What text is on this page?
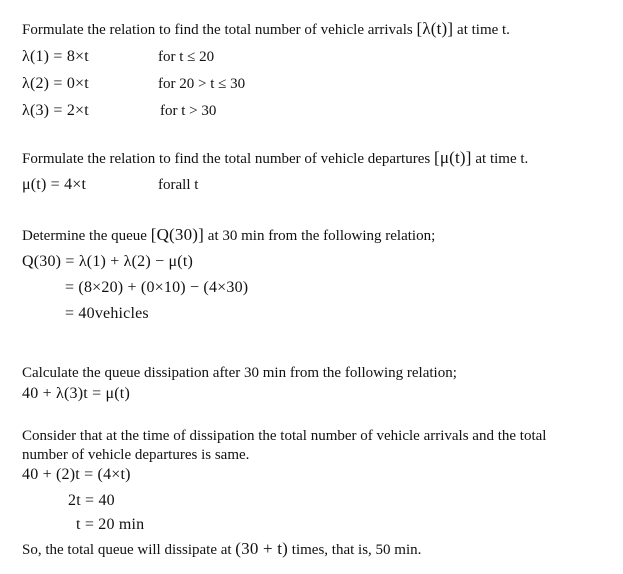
Formulate the relation to find the total number of vehicle arrivals [λ(t)] at time t.
λ(1) = 8×t	for t ≤ 20
λ(2) = 0×t	for 20 > t ≤ 30
λ(3) = 2×t	for t > 30
Formulate the relation to find the total number of vehicle departures [μ(t)] at time t.
μ(t) = 4×t	forall t
Determine the queue [Q(30)] at 30 min from the following relation;
Q(30) = λ(1) + λ(2) − μ(t)
= (8×20) + (0×10) − (4×30)
= 40vehicles
Calculate the queue dissipation after 30 min from the following relation;
40 + λ(3)t = μ(t)
Consider that at the time of dissipation the total number of vehicle arrivals and the total
number of vehicle departures is same.
40 + (2)t = (4×t)
2t = 40
t = 20 min
So, the total queue will dissipate at (30 + t) times, that is, 50 min.
